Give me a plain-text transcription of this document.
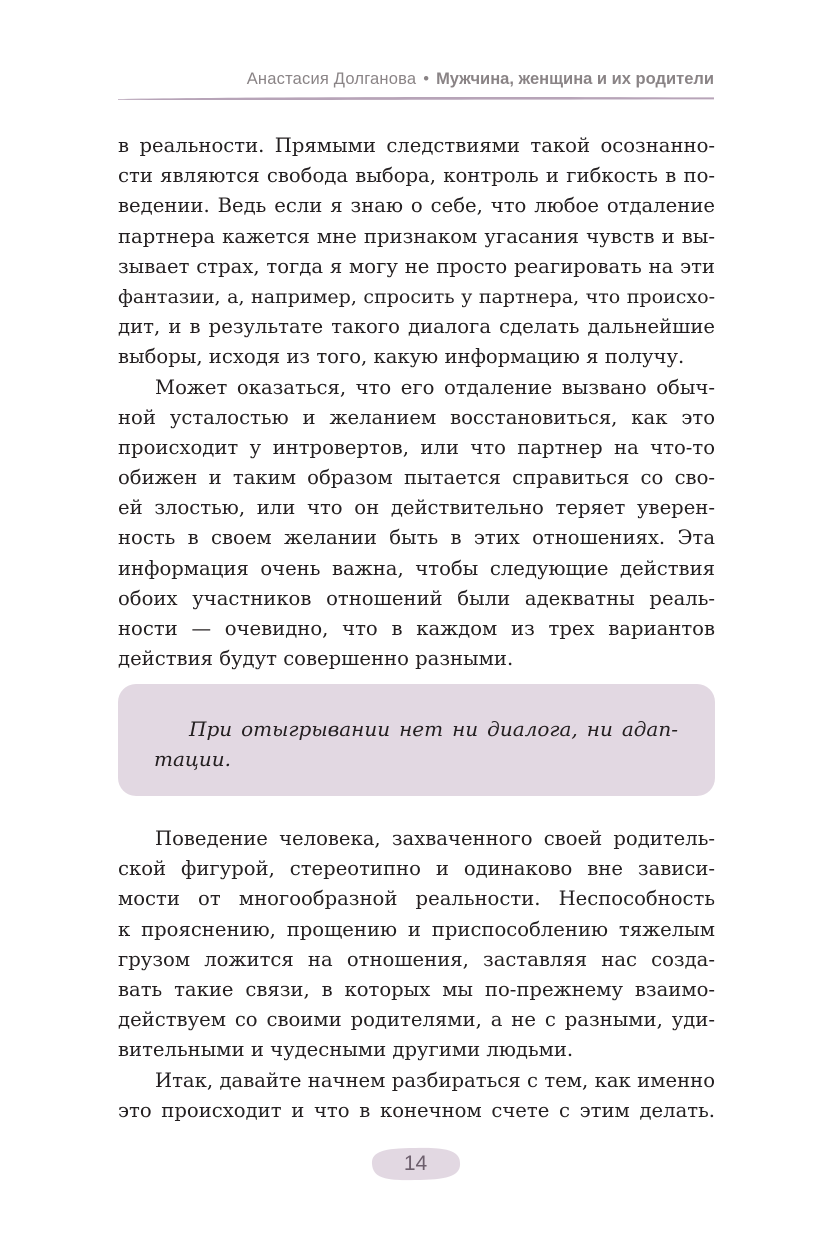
Анастасия Долганова • Мужчина, женщина и их родители
в реальности. Прямыми следствиями такой осознанно-
сти являются свобода выбора, контроль и гибкость в по-
ведении. Ведь если я знаю о себе, что любое отдаление
партнера кажется мне признаком угасания чувств и вы-
зывает страх, тогда я могу не просто реагировать на эти
фантазии, а, например, спросить у партнера, что происхо-
дит, и в результате такого диалога сделать дальнейшие
выборы, исходя из того, какую информацию я получу.
Может оказаться, что его отдаление вызвано обыч-
ной усталостью и желанием восстановиться, как это
происходит у интровертов, или что партнер на что-то
обижен и таким образом пытается справиться со сво-
ей злостью, или что он действительно теряет уверен-
ность в своем желании быть в этих отношениях. Эта
информация очень важна, чтобы следующие действия
обоих участников отношений были адекватны реаль-
ности — очевидно, что в каждом из трех вариантов
действия будут совершенно разными.
При отыгрывании нет ни диалога, ни адап-
тации.
Поведение человека, захваченного своей родитель-
ской фигурой, стереотипно и одинаково вне зависи-
мости от многообразной реальности. Неспособность
к прояснению, прощению и приспособлению тяжелым
грузом ложится на отношения, заставляя нас созда-
вать такие связи, в которых мы по-прежнему взаимо-
действуем со своими родителями, а не с разными, уди-
вительными и чудесными другими людьми.
Итак, давайте начнем разбираться с тем, как именно
это происходит и что в конечном счете с этим делать.
14
